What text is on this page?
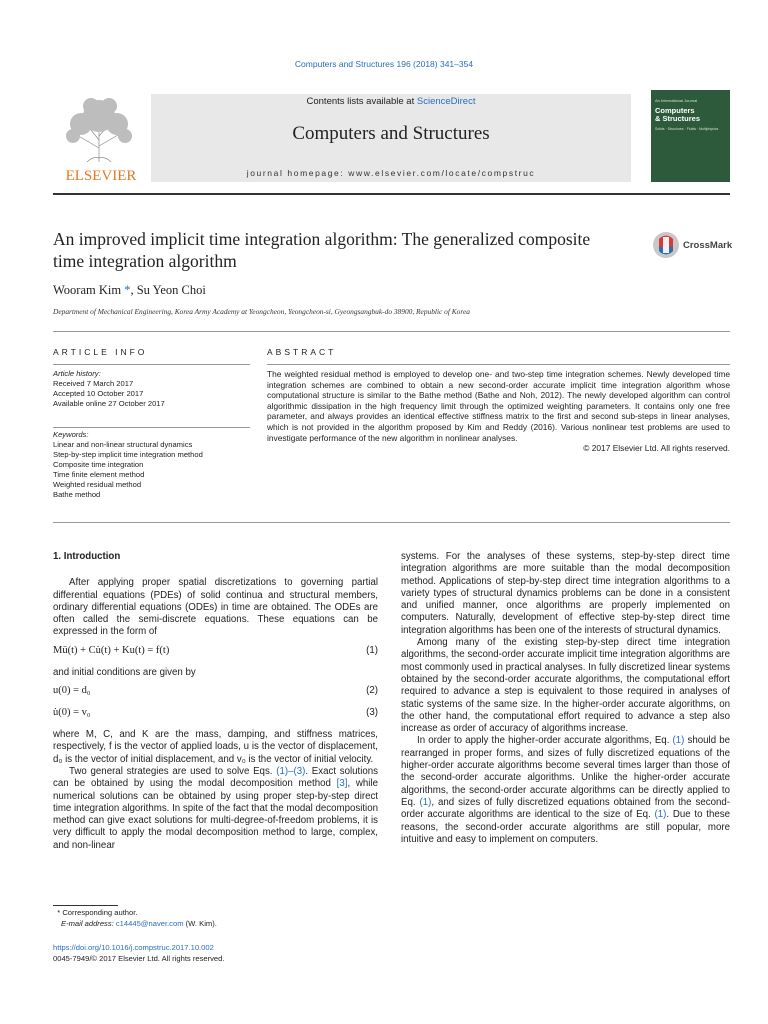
Computers and Structures 196 (2018) 341–354
ELSEVIER
Contents lists available at ScienceDirect
Computers and Structures
journal homepage: www.elsevier.com/locate/compstruc
An International Journal
Computers
& Structures
Solids · Structures · Fluids · Multiphysics
An improved implicit time integration algorithm: The generalized composite time integration algorithm
CrossMark
Wooram Kim *, Su Yeon Choi
Department of Mechanical Engineering, Korea Army Academy at Yeongcheon, Yeongcheon-si, Gyeongsangbuk-do 38900, Republic of Korea
ARTICLE INFO	ABSTRACT
Article history:
Received 7 March 2017
Accepted 10 October 2017
Available online 27 October 2017
Keywords:
Linear and non-linear structural dynamics
Step-by-step implicit time integration method
Composite time integration
Time finite element method
Weighted residual method
Bathe method
The weighted residual method is employed to develop one- and two-step time integration schemes. Newly developed time integration schemes are combined to obtain a new second-order accurate implicit time integration algorithm whose computational structure is similar to the Bathe method (Bathe and Noh, 2012). The newly developed algorithm can control algorithmic dissipation in the high frequency limit through the optimized weighting parameters. It contains only one free parameter, and always provides an identical effective stiffness matrix to the first and second sub-steps in linear analyses, which is not provided in the algorithm proposed by Kim and Reddy (2016). Various nonlinear test problems are used to investigate performance of the new algorithm in nonlinear analyses.
© 2017 Elsevier Ltd. All rights reserved.
1. Introduction

After applying proper spatial discretizations to governing partial differential equations (PDEs) of solid continua and structural members, ordinary differential equations (ODEs) in time are obtained. The ODEs are often called the semi-discrete equations. These equations can be expressed in the form of

Mü(t) + Cu̇(t) + Ku(t) = f(t)	(1)

and initial conditions are given by

u(0) = d₀	(2)
u̇(0) = v₀	(3)

where M, C, and K are the mass, damping, and stiffness matrices, respectively, f is the vector of applied loads, u is the vector of displacement, d₀ is the vector of initial displacement, and v₀ is the vector of initial velocity.

Two general strategies are used to solve Eqs. (1)–(3). Exact solutions can be obtained by using the modal decomposition method [3], while numerical solutions can be obtained by using proper step-by-step direct time integration algorithms. In spite of the fact that the modal decomposition method can give exact solutions for multi-degree-of-freedom problems, it is very difficult to apply the modal decomposition method to large, complex, and non-linear

systems. For the analyses of these systems, step-by-step direct time integration algorithms are more suitable than the modal decomposition method. Applications of step-by-step direct time integration algorithms to a variety types of structural dynamics problems can be done in a consistent and unified manner, once algorithms are properly implemented on computers. Naturally, development of effective step-by-step direct time integration algorithms has been one of the interests of structural dynamics.

Among many of the existing step-by-step direct time integration algorithms, the second-order accurate implicit time integration algorithms are most commonly used in practical analyses. In fully discretized linear systems obtained by the second-order accurate algorithms, the computational effort required to advance a step is equivalent to those required in analyses of static systems of the same size. In the higher-order accurate algorithms, on the other hand, the computational effort required to advance a step also increase as order of accuracy of algorithms increase.

In order to apply the higher-order accurate algorithms, Eq. (1) should be rearranged in proper forms, and sizes of fully discretized equations of the higher-order accurate algorithms become several times larger than those of the second-order accurate algorithms. Unlike the higher-order accurate algorithms, the second-order accurate algorithms can be directly applied to Eq. (1), and sizes of fully discretized equations obtained from the second-order accurate algorithms are identical to the size of Eq. (1). Due to these reasons, the second-order accurate algorithms are still popular, more intuitive and easy to implement on computers.

* Corresponding author.
E-mail address: c14445@naver.com (W. Kim).
https://doi.org/10.1016/j.compstruc.2017.10.002
0045-7949/© 2017 Elsevier Ltd. All rights reserved.
